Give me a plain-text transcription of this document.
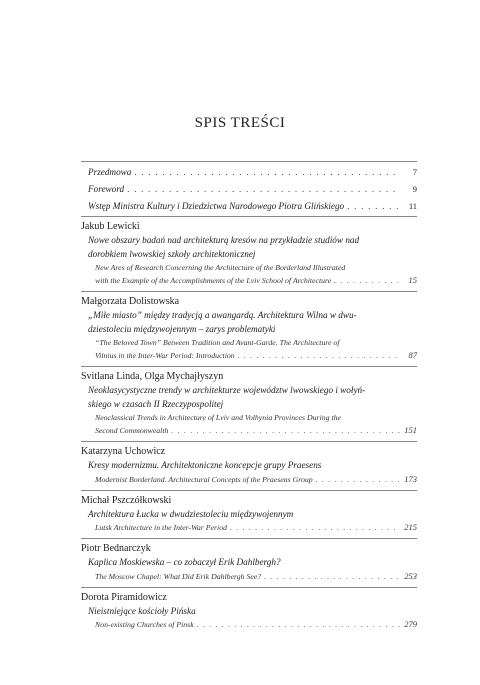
SPIS TREŚCI
Przedmowa . . .	7
Foreword . . .	9
Wstęp Ministra Kultury i Dziedzictwa Narodowego Piotra Glińskiego . . .	11
Jakub Lewicki
Nowe obszary badań nad architekturą kresów na przykładzie studiów nad
dorobkiem lwowskiej szkoły architektonicznej
New Ares of Research Concerning the Architecture of the Borderland Illustrated
with the Example of the Accomplishments of the Lviv School of Architecture . . .	15
Małgorzata Dolistowska
„Miłe miasto” między tradycją a awangardą. Architektura Wilna w dwu-
dziestoleciu międzywojennym – zarys problematyki
“The Beloved Town” Between Tradition and Avant-Garde. The Architecture of
Vilnius in the Inter-War Period: Introduction . . .	87
Svitlana Linda, Olga Mychajłyszyn
Neoklasycystyczne trendy w architekturze województw lwowskiego i wołyń-
skiego w czasach II Rzeczypospolitej
Neoclassical Trends in Architecture of Lviv and Volhynia Provinces During the
Second Commonwealth . . .	151
Katarzyna Uchowicz
Kresy modernizmu. Architektoniczne koncepcje grupy Praesens
Modernist Borderland. Architectural Concepts of the Praesens Group . . .	173
Michał Pszczółkowski
Architektura Łucka w dwudziestoleciu międzywojennym
Lutsk Architecture in the Inter-War Period . . .	215
Piotr Bednarczyk
Kaplica Moskiewska – co zobaczył Erik Dahlbergh?
The Moscow Chapel: What Did Erik Dahlbergh See? . . .	253
Dorota Piramidowicz
Nieistniejące kościoły Pińska
Non-existing Churches of Pinsk . . .	279
